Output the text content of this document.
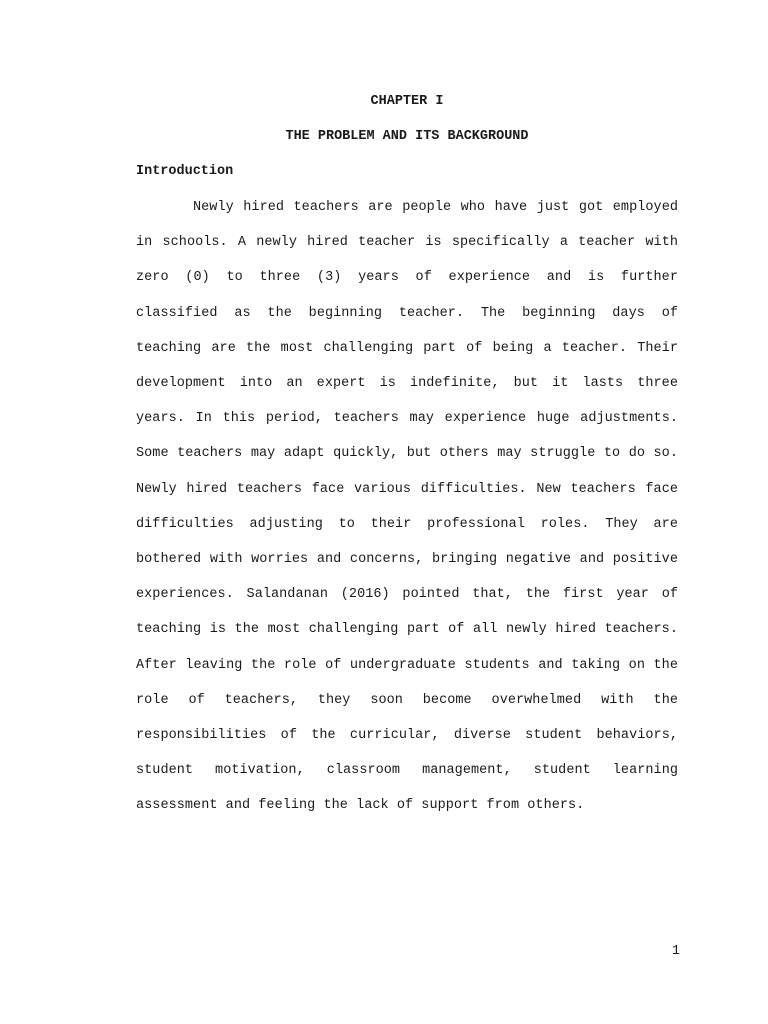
CHAPTER I
THE PROBLEM AND ITS BACKGROUND
Introduction

Newly hired teachers are people who have just got employed in schools. A newly hired teacher is specifically a teacher with zero (0) to three (3) years of experience and is further classified as the beginning teacher. The beginning days of teaching are the most challenging part of being a teacher. Their development into an expert is indefinite, but it lasts three years. In this period, teachers may experience huge adjustments. Some teachers may adapt quickly, but others may struggle to do so. Newly hired teachers face various difficulties. New teachers face difficulties adjusting to their professional roles. They are bothered with worries and concerns, bringing negative and positive experiences. Salandanan (2016) pointed that, the first year of teaching is the most challenging part of all newly hired teachers. After leaving the role of undergraduate students and taking on the role of teachers, they soon become overwhelmed with the responsibilities of the curricular, diverse student behaviors, student motivation, classroom management, student learning assessment and feeling the lack of support from others.

1
